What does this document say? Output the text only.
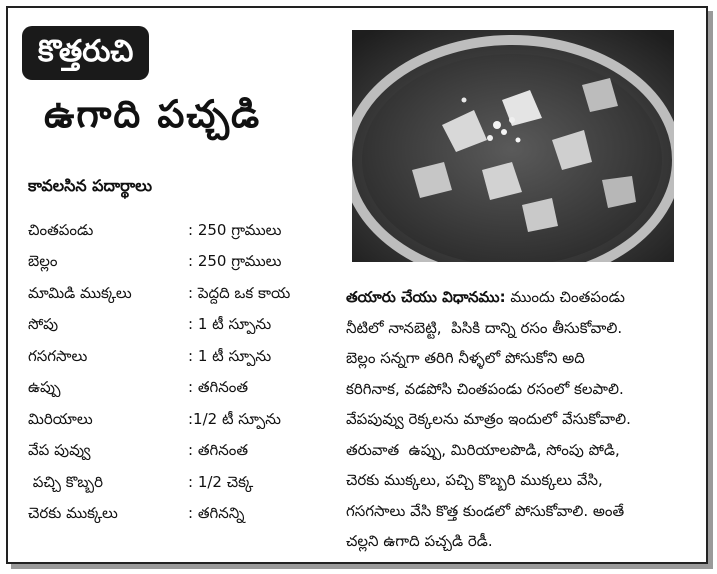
కొత్తరుచి
ఉగాది పచ్చడి
కావలసిన పదార్థాలు
చింతపండు	: 250 గ్రాములు
బెల్లం	: 250 గ్రాములు
మామిడి ముక్కలు	: పెద్దది ఒక కాయ
సోపు	: 1 టీ స్పూను
గసగసాలు	: 1 టీ స్పూను
ఉప్పు	: తగినంత
మిరియాలు	:1/2 టీ స్పూను
వేప పువ్వు	: తగినంత
పచ్చి కొబ్బరి	: 1/2 చెక్క
చెరకు ముక్కలు	: తగినన్ని
తయారు చేయు విధానము: ముందు చింతపండు
నీటిలో నానబెట్టి,  పిసికి దాన్ని రసం తీసుకోవాలి.
బెల్లం సన్నగా తరిగి నీళ్ళలో పోసుకోని అది
కరిగినాక, వడపోసి చింతపండు రసంలో కలపాలి.
వేపపువ్వు రెక్కలను మాత్రం ఇందులో వేసుకోవాలి.
తరువాత  ఉప్పు, మిరియాలపొడి, సోంపు పోడి,
చెరకు ముక్కలు, పచ్చి కొబ్బరి ముక్కలు వేసి,
గసగసాలు వేసి కొత్త కుండలో పోసుకోవాలి. అంతే
చల్లని ఉగాది పచ్చడి రెడీ.
